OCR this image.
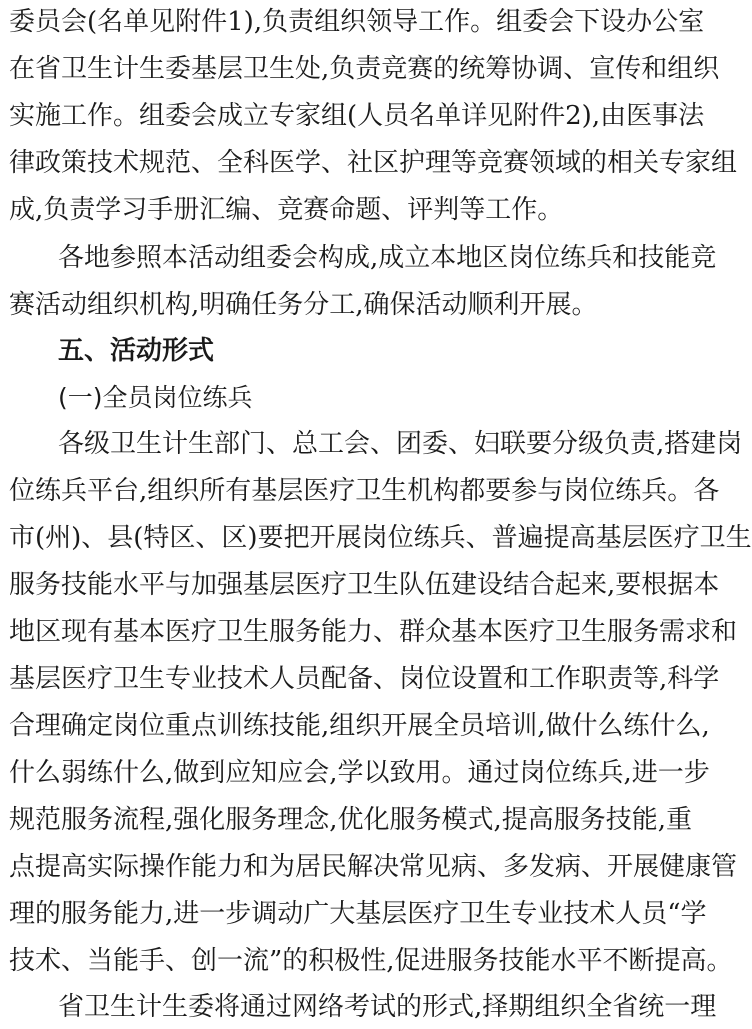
委员会(名单见附件1),负责组织领导工作。组委会下设办公室
在省卫生计生委基层卫生处,负责竞赛的统筹协调、宣传和组织
实施工作。组委会成立专家组(人员名单详见附件2),由医事法
律政策技术规范、全科医学、社区护理等竞赛领域的相关专家组
成,负责学习手册汇编、竞赛命题、评判等工作。
各地参照本活动组委会构成,成立本地区岗位练兵和技能竞
赛活动组织机构,明确任务分工,确保活动顺利开展。
五、活动形式
(一)全员岗位练兵
各级卫生计生部门、总工会、团委、妇联要分级负责,搭建岗
位练兵平台,组织所有基层医疗卫生机构都要参与岗位练兵。各
市(州)、县(特区、区)要把开展岗位练兵、普遍提高基层医疗卫生
服务技能水平与加强基层医疗卫生队伍建设结合起来,要根据本
地区现有基本医疗卫生服务能力、群众基本医疗卫生服务需求和
基层医疗卫生专业技术人员配备、岗位设置和工作职责等,科学
合理确定岗位重点训练技能,组织开展全员培训,做什么练什么,
什么弱练什么,做到应知应会,学以致用。通过岗位练兵,进一步
规范服务流程,强化服务理念,优化服务模式,提高服务技能,重
点提高实际操作能力和为居民解决常见病、多发病、开展健康管
理的服务能力,进一步调动广大基层医疗卫生专业技术人员“学
技术、当能手、创一流”的积极性,促进服务技能水平不断提高。
省卫生计生委将通过网络考试的形式,择期组织全省统一理
